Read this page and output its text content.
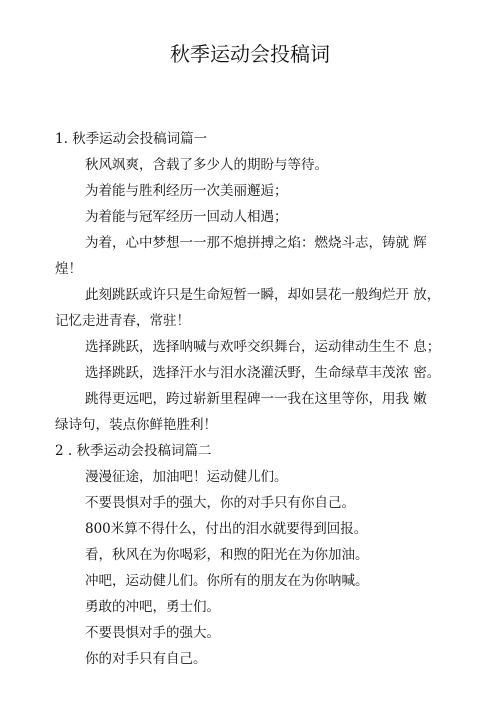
秋季运动会投稿词
1. 秋季运动会投稿词篇一
秋风飒爽，含载了多少人的期盼与等待。
为着能与胜利经历一次美丽邂逅；
为着能与冠军经历一回动人相遇；
为着，心中梦想一一那不熄拼搏之焰：燃烧斗志，铸就 辉
煌！
此刻跳跃或许只是生命短暂一瞬，却如昙花一般绚烂开 放，
记忆走进青春，常驻！
选择跳跃，选择呐喊与欢呼交织舞台，运动律动生生不 息；
选择跳跃，选择汗水与泪水浇灌沃野，生命绿草丰茂浓 密。
跳得更远吧，跨过崭新里程碑一一我在这里等你，用我 嫩
绿诗句，装点你鲜艳胜利！
2 . 秋季运动会投稿词篇二
漫漫征途，加油吧！运动健儿们。
不要畏惧对手的强大，你的对手只有你自己。
800米算不得什么，付出的泪水就要得到回报。
看，秋风在为你喝彩，和煦的阳光在为你加油。
冲吧，运动健儿们。你所有的朋友在为你呐喊。
勇敢的冲吧，勇士们。
不要畏惧对手的强大。
你的对手只有自己。
